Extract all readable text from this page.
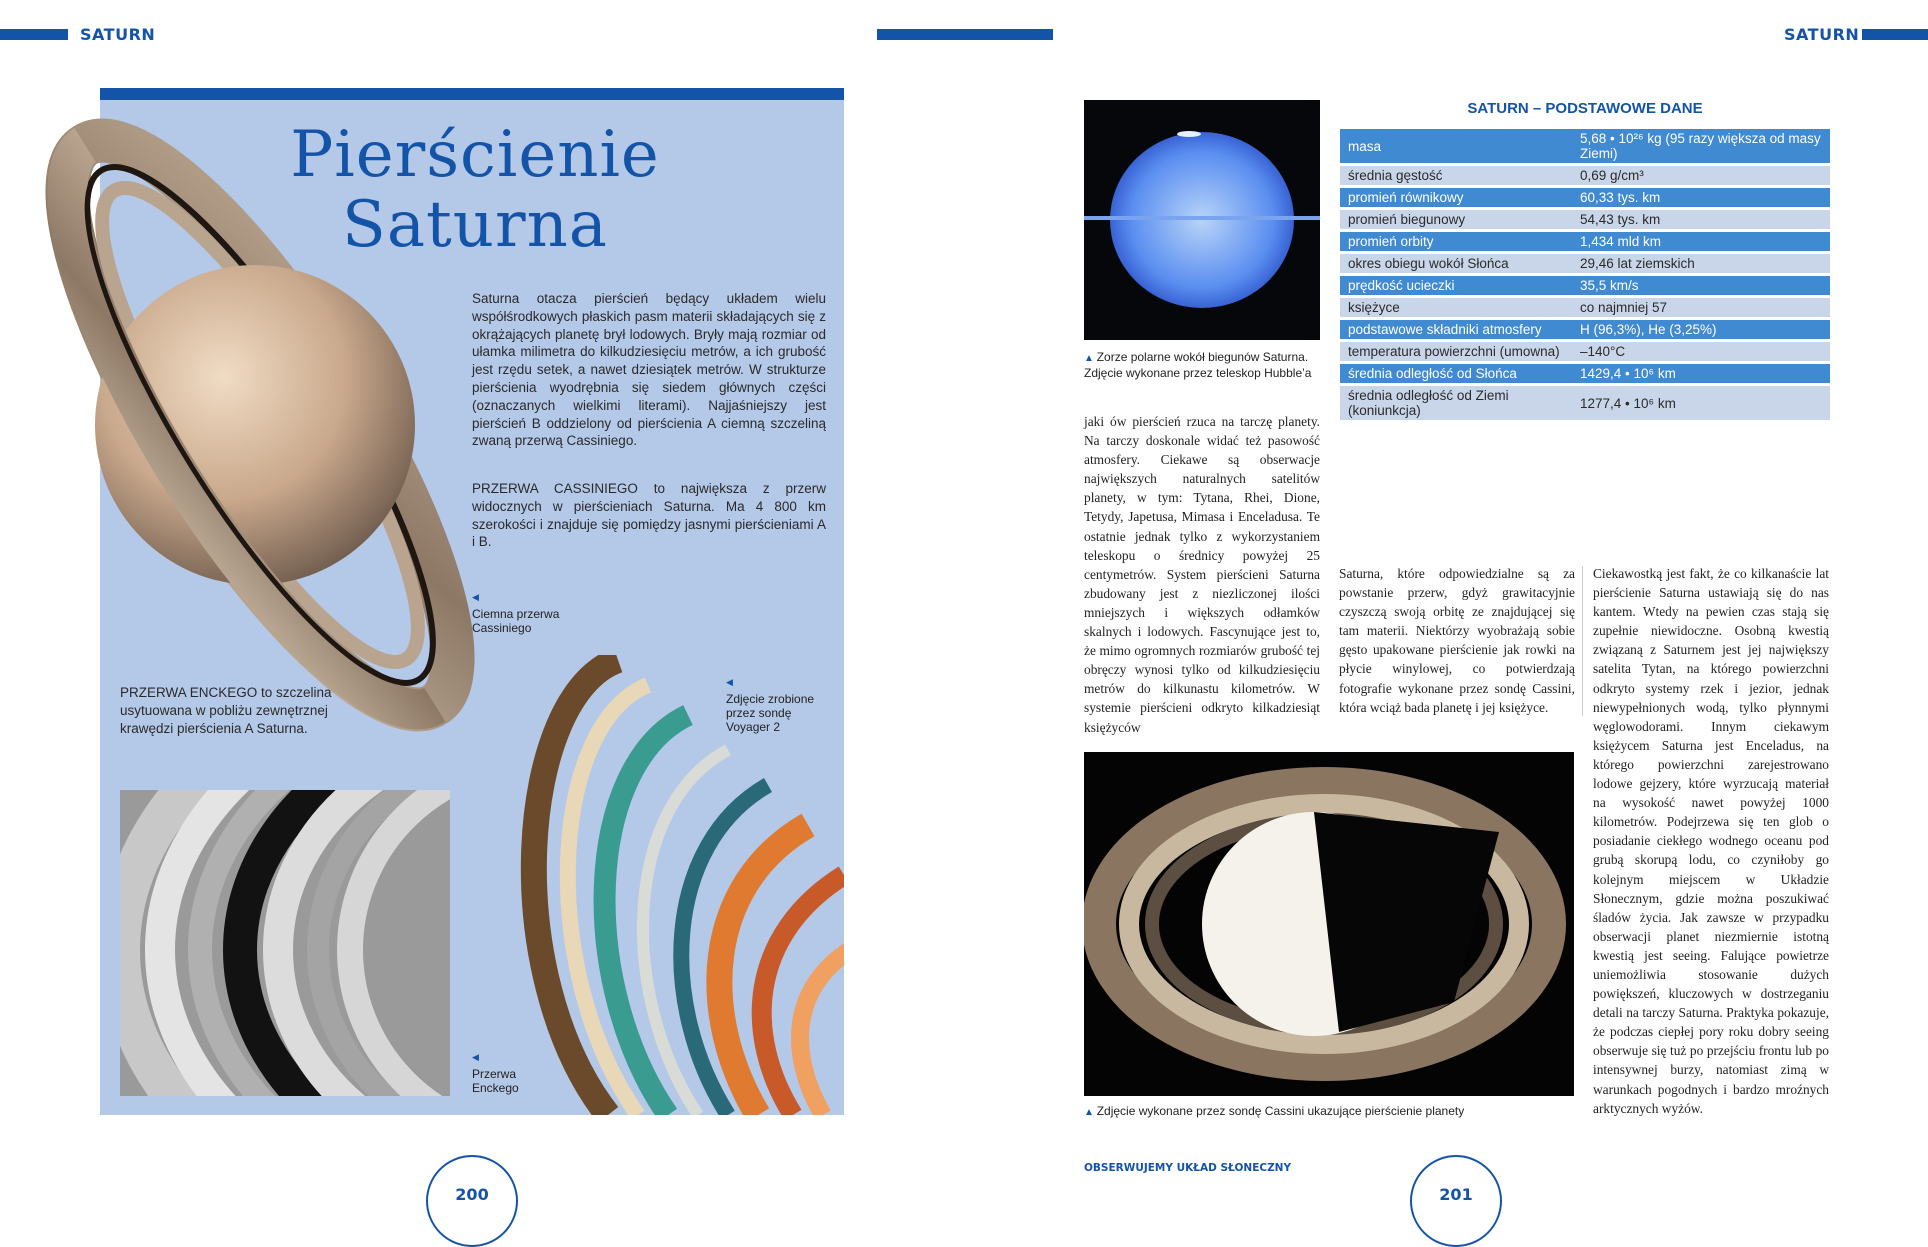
SATURN	SATURN
Pierścienie
Saturna
Saturna otacza pierścień będący układem wielu współśrodkowych płaskich pasm materii składających się z okrążających planetę brył lodowych. Bryły mają rozmiar od ułamka milimetra do kilkudziesięciu metrów, a ich grubość jest rzędu setek, a nawet dziesiątek metrów. W strukturze pierścienia wyodrębnia się siedem głównych części (oznaczanych wielkimi literami). Najjaśniejszy jest pierścień B oddzielony od pierścienia A ciemną szczeliną zwaną przerwą Cassiniego.
PRZERWA CASSINIEGO to największa z przerw widocznych w pierścieniach Saturna. Ma 4 800 km szerokości i znajduje się pomiędzy jasnymi pierścieniami A i B.
◀
Ciemna przerwa Cassiniego
PRZERWA ENCKEGO to szczelina usytuowana w pobliżu zewnętrznej krawędzi pierścienia A Saturna.
◀
Zdjęcie zrobione przez sondę Voyager 2
◀
Przerwa Enckego
200
▲ Zorze polarne wokół biegunów Saturna. Zdjęcie wykonane przez teleskop Hubble’a
SATURN – PODSTAWOWE DANE
masa	5,68 • 10²⁶ kg (95 razy większa od masy Ziemi)
średnia gęstość	0,69 g/cm³
promień równikowy	60,33 tys. km
promień biegunowy	54,43 tys. km
promień orbity	1,434 mld km
okres obiegu wokół Słońca	29,46 lat ziemskich
prędkość ucieczki	35,5 km/s
księżyce	co najmniej 57
podstawowe składniki atmosfery	H (96,3%), He (3,25%)
temperatura powierzchni (umowna)	–140°C
średnia odległość od Słońca	1429,4 • 10⁶ km
średnia odległość od Ziemi (koniunkcja)	1277,4 • 10⁶ km
jaki ów pierścień rzuca na tarczę planety. Na tarczy doskonale widać też pasowość atmosfery. Ciekawe są obserwacje największych naturalnych satelitów planety, w tym: Tytana, Rhei, Dione, Tetydy, Japetusa, Mimasa i Enceladusa. Te ostatnie jednak tylko z wykorzystaniem teleskopu o średnicy powyżej 25 centymetrów. System pierścieni Saturna zbudowany jest z niezliczonej ilości mniejszych i większych odłamków skalnych i lodowych. Fascynujące jest to, że mimo ogromnych rozmiarów grubość tej obręczy wynosi tylko od kilkudziesięciu metrów do kilkunastu kilometrów. W systemie pierścieni odkryto kilkadziesiąt księżyców
Saturna, które odpowiedzialne są za powstanie przerw, gdyż grawitacyjnie czyszczą swoją orbitę ze znajdującej się tam materii. Niektórzy wyobrażają sobie gęsto upakowane pierścienie jak rowki na płycie winylowej, co potwierdzają fotografie wykonane przez sondę Cassini, która wciąż bada planetę i jej księżyce.
Ciekawostką jest fakt, że co kilkanaście lat pierścienie Saturna ustawiają się do nas kantem. Wtedy na pewien czas stają się zupełnie niewidoczne. Osobną kwestią związaną z Saturnem jest jej największy satelita Tytan, na którego powierzchni odkryto systemy rzek i jezior, jednak niewypełnionych wodą, tylko płynnymi węglowodorami. Innym ciekawym księżycem Saturna jest Enceladus, na którego powierzchni zarejestrowano lodowe gejzery, które wyrzucają materiał na wysokość nawet powyżej 1000 kilometrów. Podejrzewa się ten glob o posiadanie ciekłego wodnego oceanu pod grubą skorupą lodu, co czyniłoby go kolejnym miejscem w Układzie Słonecznym, gdzie można poszukiwać śladów życia. Jak zawsze w przypadku obserwacji planet niezmiernie istotną kwestią jest seeing. Falujące powietrze uniemożliwia stosowanie dużych powiększeń, kluczowych w dostrzeganiu detali na tarczy Saturna. Praktyka pokazuje, że podczas ciepłej pory roku dobry seeing obserwuje się tuż po przejściu frontu lub po intensywnej burzy, natomiast zimą w warunkach pogodnych i bardzo mroźnych arktycznych wyżów.
▲ Zdjęcie wykonane przez sondę Cassini ukazujące pierścienie planety
OBSERWUJEMY UKŁAD SŁONECZNY
201
